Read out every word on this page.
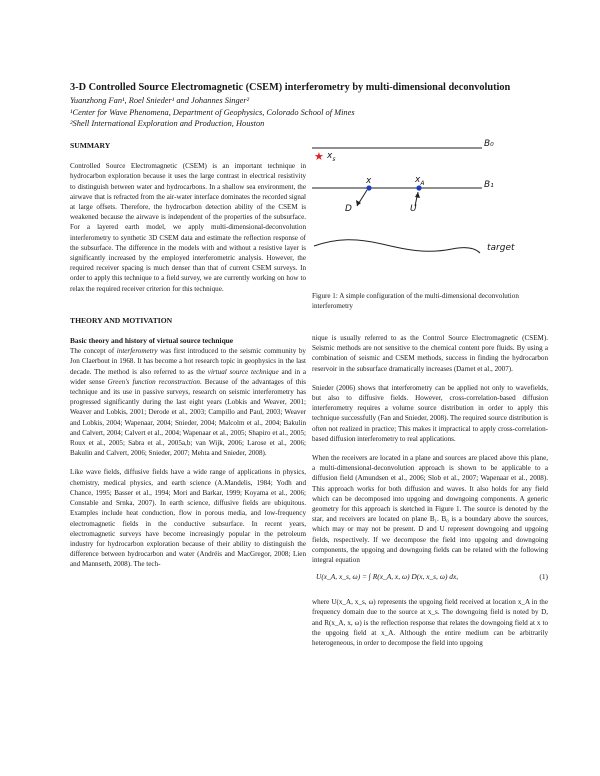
3-D Controlled Source Electromagnetic (CSEM) interferometry by multi-dimensional deconvolution
Yuanzhong Fan¹, Roel Snieder¹ and Johannes Singer²
¹Center for Wave Phenomena, Department of Geophysics, Colorado School of Mines
²Shell International Exploration and Production, Houston
SUMMARY

Controlled Source Electromagnetic (CSEM) is an important technique in hydrocarbon exploration because it uses the large contrast in electrical resistivity to distinguish between water and hydrocarbons. In a shallow sea environment, the airwave that is refracted from the air-water interface dominates the recorded signal at large offsets. Therefore, the hydrocarbon detection ability of the CSEM is weakened because the airwave is independent of the properties of the subsurface. For a layered earth model, we apply multi-dimensional-deconvolution interferometry to synthetic 3D CSEM data and estimate the reflection response of the subsurface. The difference in the models with and without a resistive layer is significantly increased by the employed interferometric analysis. However, the required receiver spacing is much denser than that of current CSEM surveys. In order to apply this technique to a field survey, we are currently working on how to relax the required receiver criterion for this technique.

THEORY AND MOTIVATION
Basic theory and history of virtual source technique

The concept of interferometry was first introduced to the seismic community by Jon Claerbout in 1968. It has become a hot research topic in geophysics in the last decade. The method is also referred to as the virtual source technique and in a wider sense Green's function reconstruction. Because of the advantages of this technique and its use in passive surveys, research on seismic interferometry has progressed significantly during the last eight years (Lobkis and Weaver, 2001; Weaver and Lobkis, 2001; Derode et al., 2003; Campillo and Paul, 2003; Weaver and Lobkis, 2004; Wapenaar, 2004; Snieder, 2004; Malcolm et al., 2004; Bakulin and Calvert, 2004; Calvert et al., 2004; Wapenaar et al., 2005; Shapiro et al., 2005; Roux et al., 2005; Sabra et al., 2005a,b; van Wijk, 2006; Larose et al., 2006; Bakulin and Calvert, 2006; Snieder, 2007; Mehta and Snieder, 2008).

Like wave fields, diffusive fields have a wide range of applications in physics, chemistry, medical physics, and earth science (A.Mandelis, 1984; Yodh and Chance, 1995; Basser et al., 1994; Mori and Barkar, 1999; Koyama et al., 2006; Constable and Srnka, 2007). In earth science, diffusive fields are ubiquitous. Examples include heat conduction, flow in porous media, and low-frequency electromagnetic fields in the conductive subsurface. In recent years, electromagnetic surveys have become increasingly popular in the petroleum industry for hydrocarbon exploration because of their ability to distinguish the difference between hydrocarbon and water (Andréis and MacGregor, 2008; Lien and Mannseth, 2008). The tech-

B₀
B₁
★ $x_s$
x	$x_A$
D	U
target
Figure 1: A simple configuration of the multi-dimensional deconvolution interferometry

nique is usually referred to as the Control Source Electromagnetic (CSEM). Seismic methods are not sensitive to the chemical content pore fluids. By using a combination of seismic and CSEM methods, success in finding the hydrocarbon reservoir in the subsurface dramatically increases (Darnet et al., 2007).

Snieder (2006) shows that interferometry can be applied not only to wavefields, but also to diffusive fields. However, cross-correlation-based diffusion interferometry requires a volume source distribution in order to apply this technique successfully (Fan and Snieder, 2008). The required source distribution is often not realized in practice; This makes it impractical to apply cross-correlation-based diffusion interferometry to real applications.

When the receivers are located in a plane and sources are placed above this plane, a multi-dimensional-deconvolution approach is shown to be applicable to a diffusion field (Amundsen et al., 2006; Slob et al., 2007; Wapenaar et al., 2008). This approach works for both diffusion and waves. It also holds for any field which can be decomposed into upgoing and downgoing components. A generic geometry for this approach is sketched in Figure 1. The source is denoted by the star, and receivers are located on plane B₁. B₀ is a boundary above the sources, which may or may not be present. D and U represent downgoing and upgoing fields, respectively. If we decompose the field into upgoing and downgoing components, the upgoing and downgoing fields can be related with the following integral equation

U(x_A, x_s, ω) = ∫ R(x_A, x, ω) D(x, x_s, ω) dx,	(1)

where U(x_A, x_s, ω) represents the upgoing field received at location x_A in the frequency domain due to the source at x_s. The downgoing field is noted by D, and R(x_A, x, ω) is the reflection response that relates the downgoing field at x to the upgoing field at x_A. Although the entire medium can be arbitrarily heterogeneous, in order to decompose the field into upgoing
